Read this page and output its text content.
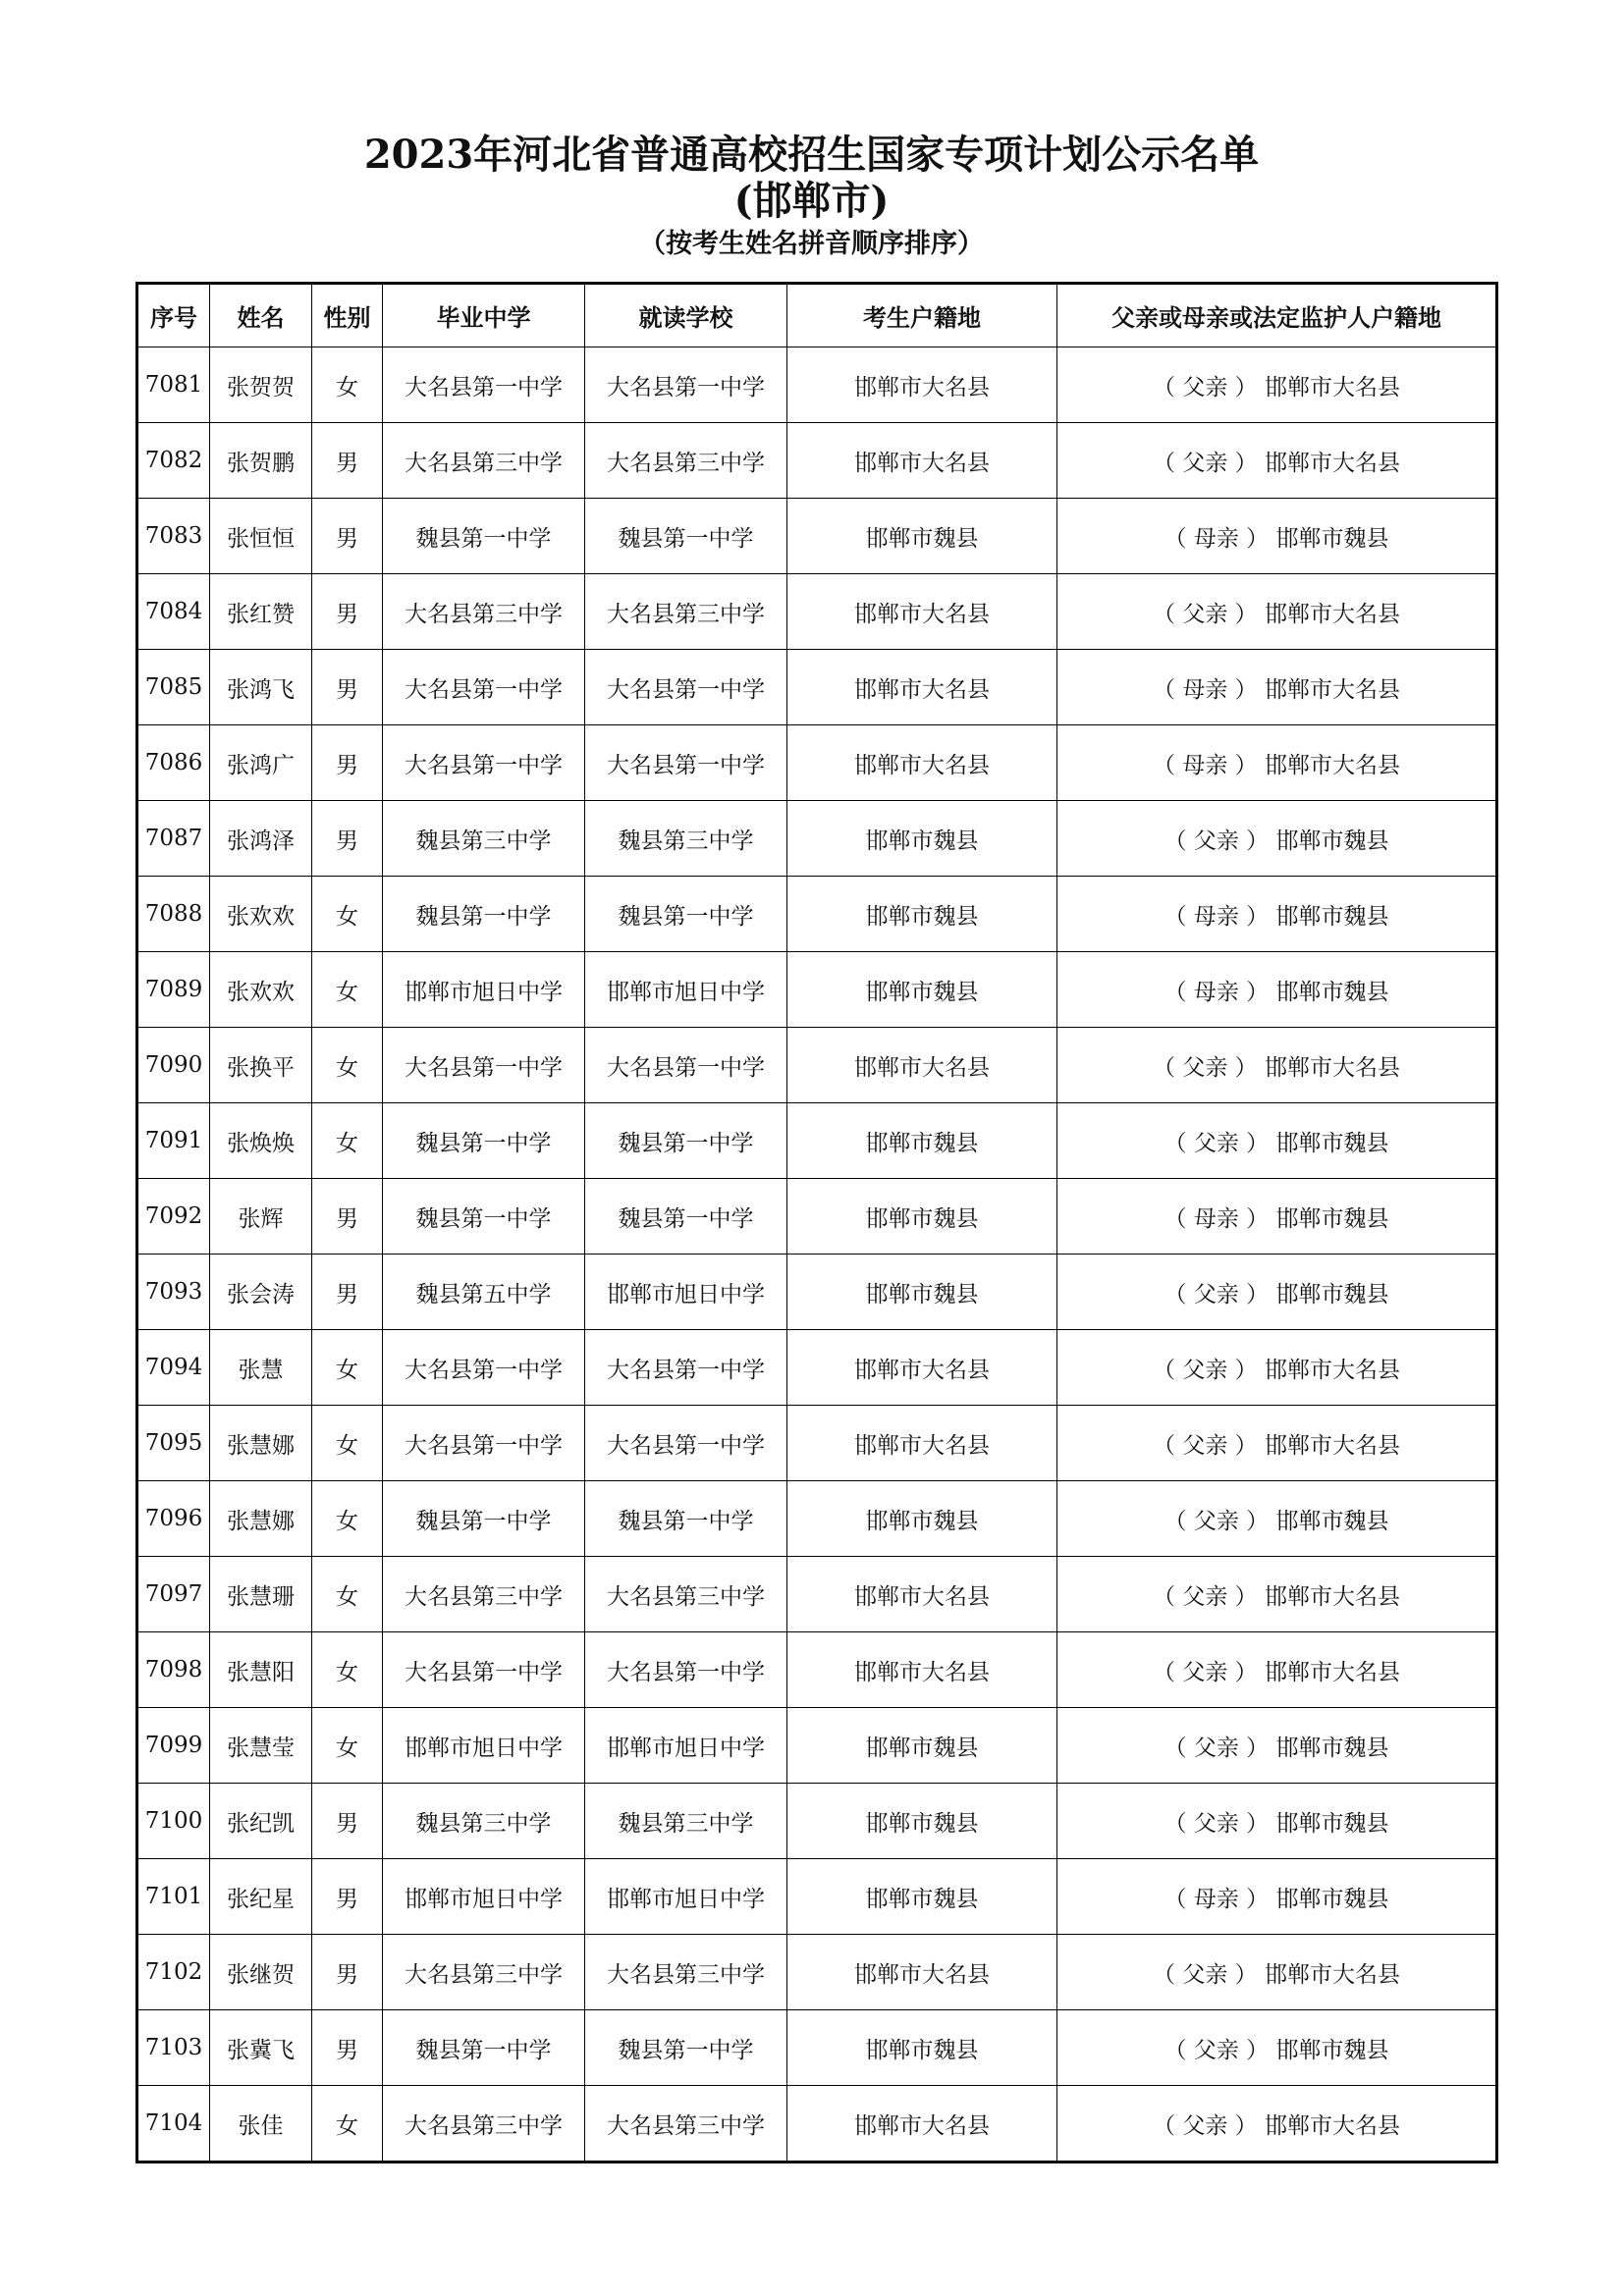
2023年河北省普通高校招生国家专项计划公示名单
(邯郸市)
（按考生姓名拼音顺序排序）
序号	姓名	性别	毕业中学	就读学校	考生户籍地	父亲或母亲或法定监护人户籍地
7081	张贺贺	女	大名县第一中学	大名县第一中学	邯郸市大名县	（ 父亲 ） 邯郸市大名县
7082	张贺鹏	男	大名县第三中学	大名县第三中学	邯郸市大名县	（ 父亲 ） 邯郸市大名县
7083	张恒恒	男	魏县第一中学	魏县第一中学	邯郸市魏县	（ 母亲 ） 邯郸市魏县
7084	张红赞	男	大名县第三中学	大名县第三中学	邯郸市大名县	（ 父亲 ） 邯郸市大名县
7085	张鸿飞	男	大名县第一中学	大名县第一中学	邯郸市大名县	（ 母亲 ） 邯郸市大名县
7086	张鸿广	男	大名县第一中学	大名县第一中学	邯郸市大名县	（ 母亲 ） 邯郸市大名县
7087	张鸿泽	男	魏县第三中学	魏县第三中学	邯郸市魏县	（ 父亲 ） 邯郸市魏县
7088	张欢欢	女	魏县第一中学	魏县第一中学	邯郸市魏县	（ 母亲 ） 邯郸市魏县
7089	张欢欢	女	邯郸市旭日中学	邯郸市旭日中学	邯郸市魏县	（ 母亲 ） 邯郸市魏县
7090	张换平	女	大名县第一中学	大名县第一中学	邯郸市大名县	（ 父亲 ） 邯郸市大名县
7091	张焕焕	女	魏县第一中学	魏县第一中学	邯郸市魏县	（ 父亲 ） 邯郸市魏县
7092	张辉	男	魏县第一中学	魏县第一中学	邯郸市魏县	（ 母亲 ） 邯郸市魏县
7093	张会涛	男	魏县第五中学	邯郸市旭日中学	邯郸市魏县	（ 父亲 ） 邯郸市魏县
7094	张慧	女	大名县第一中学	大名县第一中学	邯郸市大名县	（ 父亲 ） 邯郸市大名县
7095	张慧娜	女	大名县第一中学	大名县第一中学	邯郸市大名县	（ 父亲 ） 邯郸市大名县
7096	张慧娜	女	魏县第一中学	魏县第一中学	邯郸市魏县	（ 父亲 ） 邯郸市魏县
7097	张慧珊	女	大名县第三中学	大名县第三中学	邯郸市大名县	（ 父亲 ） 邯郸市大名县
7098	张慧阳	女	大名县第一中学	大名县第一中学	邯郸市大名县	（ 父亲 ） 邯郸市大名县
7099	张慧莹	女	邯郸市旭日中学	邯郸市旭日中学	邯郸市魏县	（ 父亲 ） 邯郸市魏县
7100	张纪凯	男	魏县第三中学	魏县第三中学	邯郸市魏县	（ 父亲 ） 邯郸市魏县
7101	张纪星	男	邯郸市旭日中学	邯郸市旭日中学	邯郸市魏县	（ 母亲 ） 邯郸市魏县
7102	张继贺	男	大名县第三中学	大名县第三中学	邯郸市大名县	（ 父亲 ） 邯郸市大名县
7103	张冀飞	男	魏县第一中学	魏县第一中学	邯郸市魏县	（ 父亲 ） 邯郸市魏县
7104	张佳	女	大名县第三中学	大名县第三中学	邯郸市大名县	（ 父亲 ） 邯郸市大名县
